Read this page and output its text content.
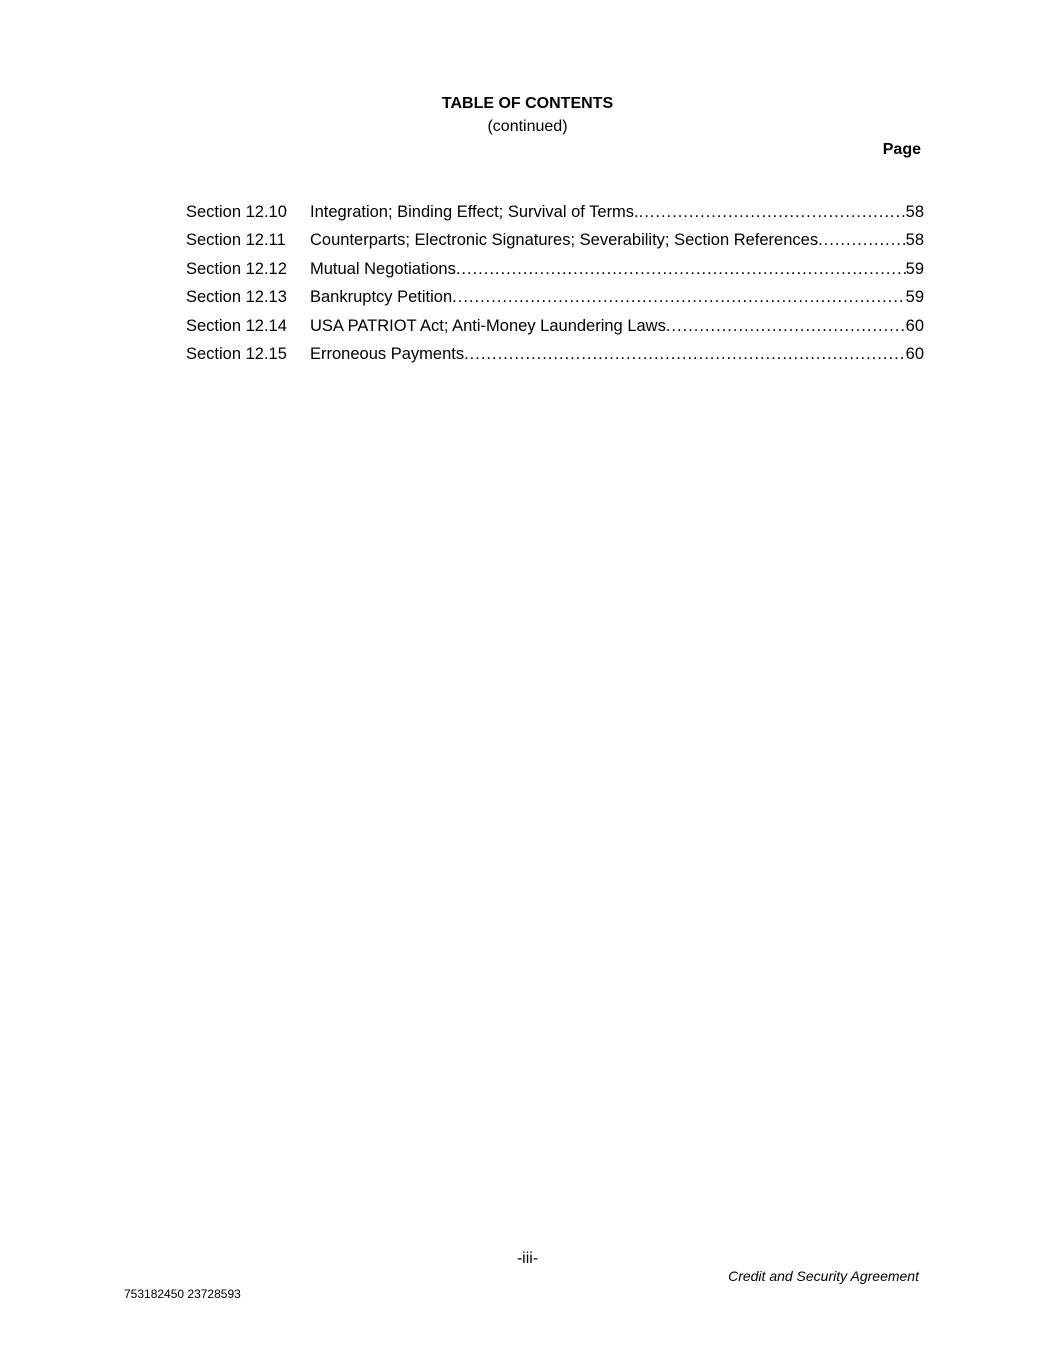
TABLE OF CONTENTS
(continued)
Page
Section 12.10	Integration; Binding Effect; Survival of Terms. .....	58
Section 12.11	Counterparts; Electronic Signatures; Severability; Section References .....	58
Section 12.12	Mutual Negotiations .....	59
Section 12.13	Bankruptcy Petition .....	59
Section 12.14	USA PATRIOT Act; Anti-Money Laundering Laws .....	60
Section 12.15	Erroneous Payments .....	60
-iii-
Credit and Security Agreement
753182450 23728593
